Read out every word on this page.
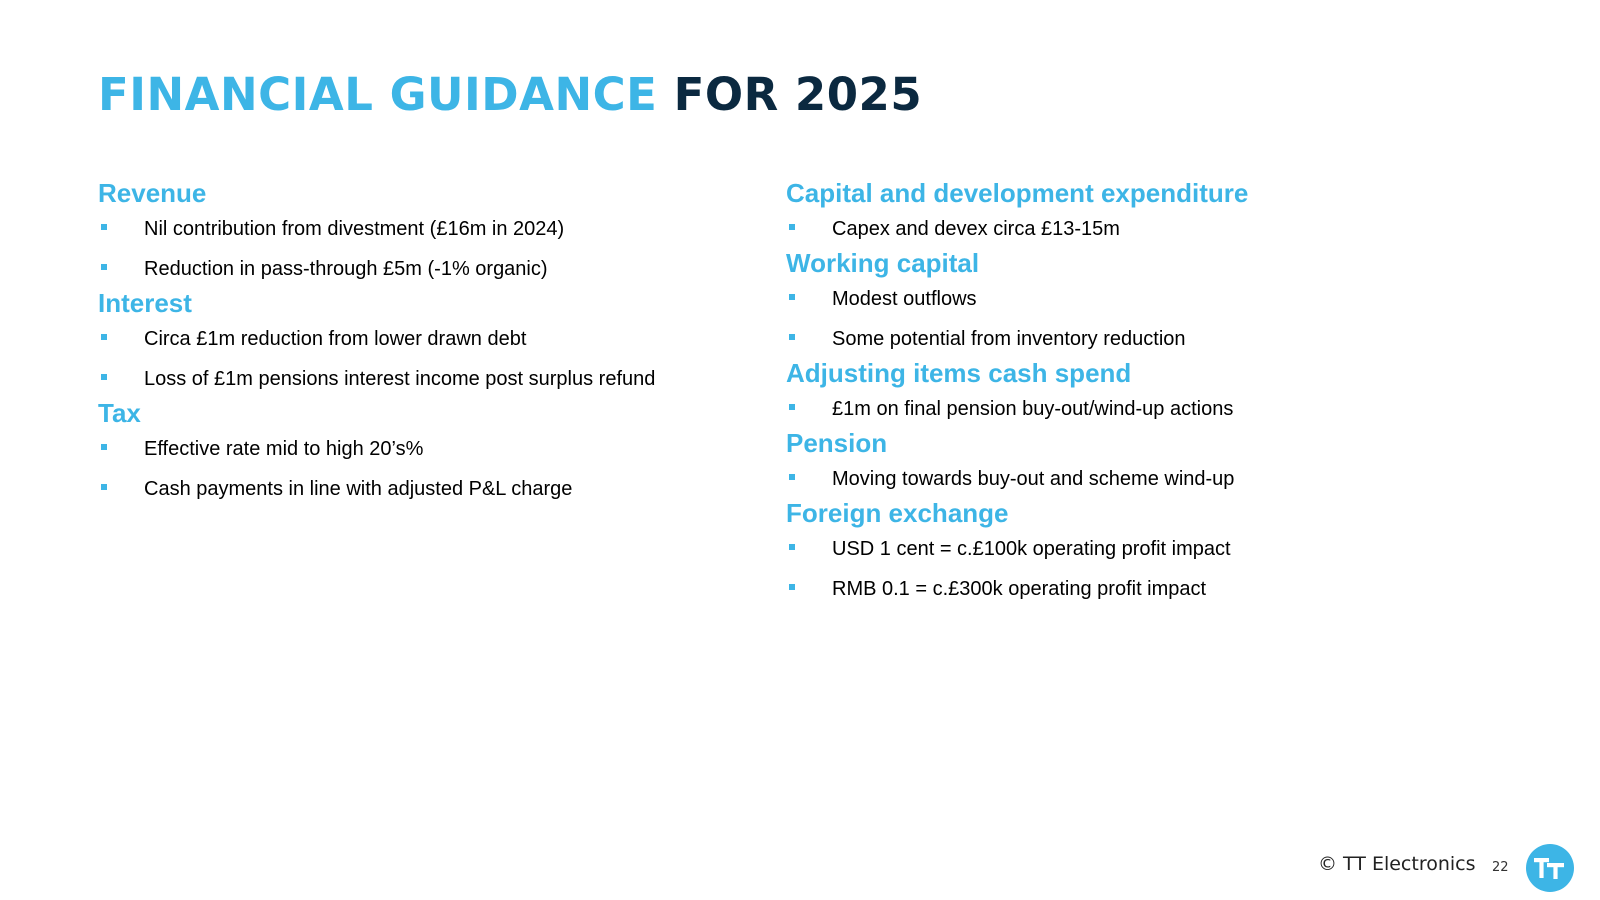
FINANCIAL GUIDANCE FOR 2025
Revenue
Nil contribution from divestment (£16m in 2024)
Reduction in pass-through £5m (-1% organic)
Interest
Circa £1m reduction from lower drawn debt
Loss of £1m pensions interest income post surplus refund
Tax
Effective rate mid to high 20’s%
Cash payments in line with adjusted P&L charge
Capital and development expenditure
Capex and devex circa £13-15m
Working capital
Modest outflows
Some potential from inventory reduction
Adjusting items cash spend
£1m on final pension buy-out/wind-up actions
Pension
Moving towards buy-out and scheme wind-up
Foreign exchange
USD 1 cent = c.£100k operating profit impact
RMB 0.1 = c.£300k operating profit impact
© TT Electronics 22
